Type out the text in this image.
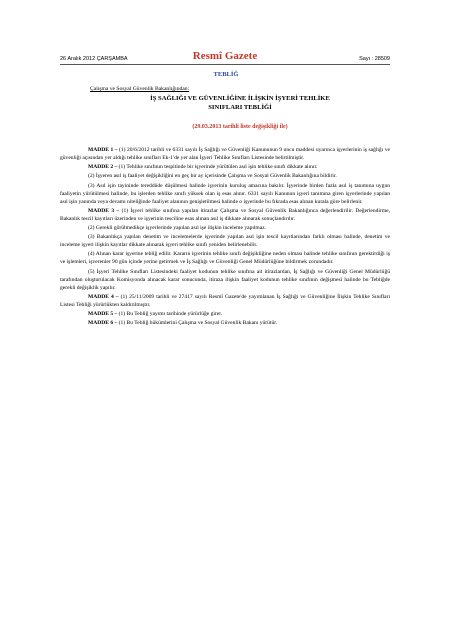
26 Aralık 2012 ÇARŞAMBA	Resmî Gazete	Sayı : 28509
TEBLİĞ
Çalışma ve Sosyal Güvenlik Bakanlığından:
İŞ SAĞLIĞI VE GÜVENLİĞİNE İLİŞKİN İŞYERİ TEHLİKE
SINIFLARI TEBLİĞİ
(29.03.2013 tarihli liste değişikliği ile)

MADDE 1 – (1) 20/6/2012 tarihli ve 6331 sayılı İş Sağlığı ve Güvenliği Kanununun 9 uncu maddesi uyarınca işyerlerinin iş sağlığı ve güvenliği açısından yer aldığı tehlike sınıfları Ek-1'de yer alan İşyeri Tehlike Sınıfları Listesinde belirtilmiştir.

MADDE 2 – (1) Tehlike sınıfının tespitinde bir işyerinde yürütülen asıl işin tehlike sınıfı dikkate alınır.

(2) İşyeren asıl iş faaliyet değişikliğini en geç bir ay içerisinde Çalışma ve Sosyal Güvenlik Bakanlığına bildirir.

(3) Asıl işin tayininde tereddüde düşülmesi halinde işyerinin kuruluş amacına bakılır. İşyerinde birden fazla asıl iş tanımına uygun faaliyetin yürütülmesi halinde, bu işlerden tehlike sınıfı yüksek olan iş esas alınır. 6331 sayılı Kanunun işyeri tanımına giren işyerlerinde yapılan asıl işin yanında veya devamı niteliğinde faaliyet alanının genişletilmesi halinde o işyerinde bu fıkrada esas alınan kurala göre belirlenir.

MADDE 3 – (1) İşyeri tehlike sınıfına yapılan itirazlar Çalışma ve Sosyal Güvenlik Bakanlığınca değerlendirilir. Değerlendirme, Bakanlık tescil kayıtları üzerinden ve işyerinin tesciline esas alınan asıl iş dikkate alınarak sonuçlandırılır.

(2) Gerekli görülmedikçe işyerlerinde yapılan asıl işe ilişkin inceleme yapılmaz.

(3) Bakanlıkça yapılan denetim ve incelemelerde işyerinde yapılan asıl işin tescil kayıtlarından farklı olması halinde, denetim ve inceleme işyeri ilişkin kayıtlar dikkate alınarak işyeri tehlike sınıfı yeniden belirlenebilir.

(4) Alınan karar işyerine tebliğ edilir. Kararın işyerinin tehlike sınıfı değişikliğine neden olması halinde tehlike sınıfının gerektirdiği iş ve işlemleri, işverenler 90 gün içinde yerine getirmek ve İş Sağlığı ve Güvenliği Genel Müdürlüğüne bildirmek zorundadır.

(5) İşyeri Tehlike Sınıfları Listesindeki faaliyet kodunun tehlike sınıfına ait itirazlardan, İş Sağlığı ve Güvenliği Genel Müdürlüğü tarafından oluşturulacak Komisyonda alınacak karar sonucunda, itiraza ilişkin faaliyet kodunun tehlike sınıfının değişmesi halinde bu Tebliğde gerekli değişiklik yapılır.

MADDE 4 – (1) 25/11/2009 tarihli ve 27417 sayılı Resmî Gazete'de yayımlanan İş Sağlığı ve Güvenliğine İlişkin Tehlike Sınıfları Listesi Tebliği yürürlükten kaldırılmıştır.

MADDE 5 – (1) Bu Tebliğ yayımı tarihinde yürürlüğe girer.

MADDE 6 – (1) Bu Tebliğ hükümlerini Çalışma ve Sosyal Güvenlik Bakanı yürütür.
